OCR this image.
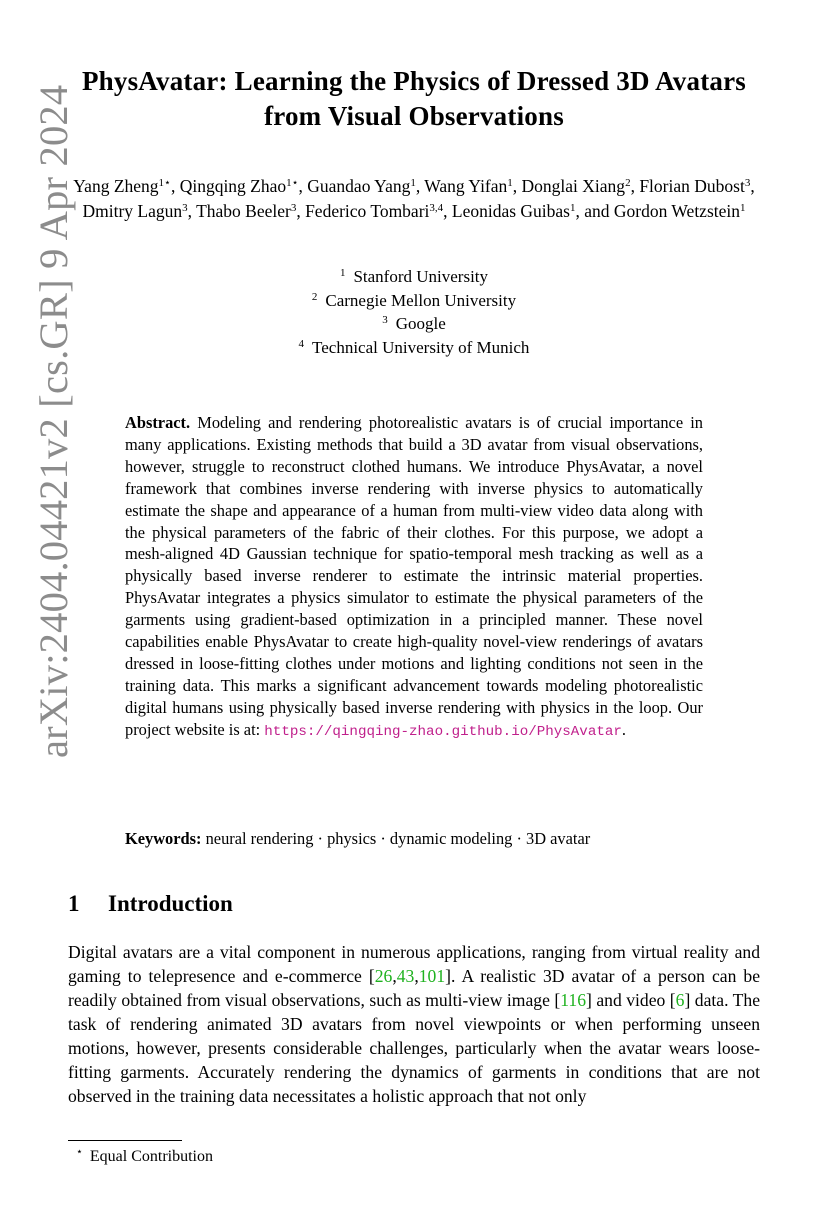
arXiv:2404.04421v2 [cs.GR] 9 Apr 2024
PhysAvatar: Learning the Physics of Dressed 3D Avatars from Visual Observations
Yang Zheng$^{1⋆}$, Qingqing Zhao$^{1⋆}$, Guandao Yang$^1$, Wang Yifan$^1$, Donglai Xiang$^2$, Florian Dubost$^3$, Dmitry Lagun$^3$, Thabo Beeler$^3$, Federico Tombari$^{3,4}$, Leonidas Guibas$^1$, and Gordon Wetzstein$^1$
$^1$ Stanford University
$^2$ Carnegie Mellon University
$^3$ Google
$^4$ Technical University of Munich
Abstract. Modeling and rendering photorealistic avatars is of crucial importance in many applications. Existing methods that build a 3D avatar from visual observations, however, struggle to reconstruct clothed humans. We introduce PhysAvatar, a novel framework that combines inverse rendering with inverse physics to automatically estimate the shape and appearance of a human from multi-view video data along with the physical parameters of the fabric of their clothes. For this purpose, we adopt a mesh-aligned 4D Gaussian technique for spatio-temporal mesh tracking as well as a physically based inverse renderer to estimate the intrinsic material properties. PhysAvatar integrates a physics simulator to estimate the physical parameters of the garments using gradient-based optimization in a principled manner. These novel capabilities enable PhysAvatar to create high-quality novel-view renderings of avatars dressed in loose-fitting clothes under motions and lighting conditions not seen in the training data. This marks a significant advancement towards modeling photorealistic digital humans using physically based inverse rendering with physics in the loop. Our project website is at: https://qingqing-zhao.github.io/PhysAvatar.
Keywords: neural rendering · physics · dynamic modeling · 3D avatar
1 Introduction
Digital avatars are a vital component in numerous applications, ranging from virtual reality and gaming to telepresence and e-commerce [26,43,101]. A realistic 3D avatar of a person can be readily obtained from visual observations, such as multi-view image [116] and video [6] data. The task of rendering animated 3D avatars from novel viewpoints or when performing unseen motions, however, presents considerable challenges, particularly when the avatar wears loose-fitting garments. Accurately rendering the dynamics of garments in conditions that are not observed in the training data necessitates a holistic approach that not only
⋆ Equal Contribution
